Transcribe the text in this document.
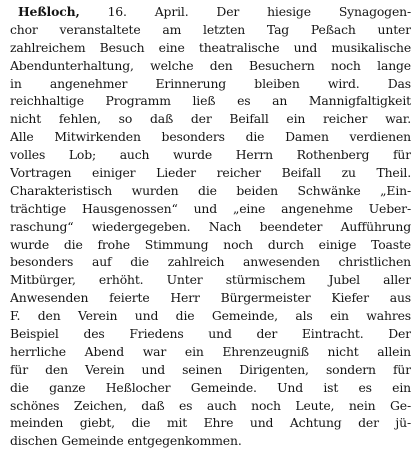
Heßloch, 16. April. Der hiesige Synagogen-
chor veranstaltete am letzten Tag Peßach unter
zahlreichem Besuch eine theatralische und musikalische
Abendunterhaltung, welche den Besuchern noch lange
in angenehmer Erinnerung bleiben wird. Das
reichhaltige Programm ließ es an Mannigfaltigkeit
nicht fehlen, so daß der Beifall ein reicher war.
Alle Mitwirkenden besonders die Damen verdienen
volles Lob; auch wurde Herrn Rothenberg für
Vortragen einiger Lieder reicher Beifall zu Theil.
Charakteristisch wurden die beiden Schwänke „Ein-
trächtige Hausgenossen“ und „eine angenehme Ueber-
raschung“ wiedergegeben. Nach beendeter Aufführung
wurde die frohe Stimmung noch durch einige Toaste
besonders auf die zahlreich anwesenden christlichen
Mitbürger, erhöht. Unter stürmischem Jubel aller
Anwesenden feierte Herr Bürgermeister Kiefer aus
F. den Verein und die Gemeinde, als ein wahres
Beispiel des Friedens und der Eintracht. Der
herrliche Abend war ein Ehrenzeugniß nicht allein
für den Verein und seinen Dirigenten, sondern für
die ganze Heßlocher Gemeinde. Und ist es ein
schönes Zeichen, daß es auch noch Leute, nein Ge-
meinden giebt, die mit Ehre und Achtung der jü-
dischen Gemeinde entgegenkommen.
